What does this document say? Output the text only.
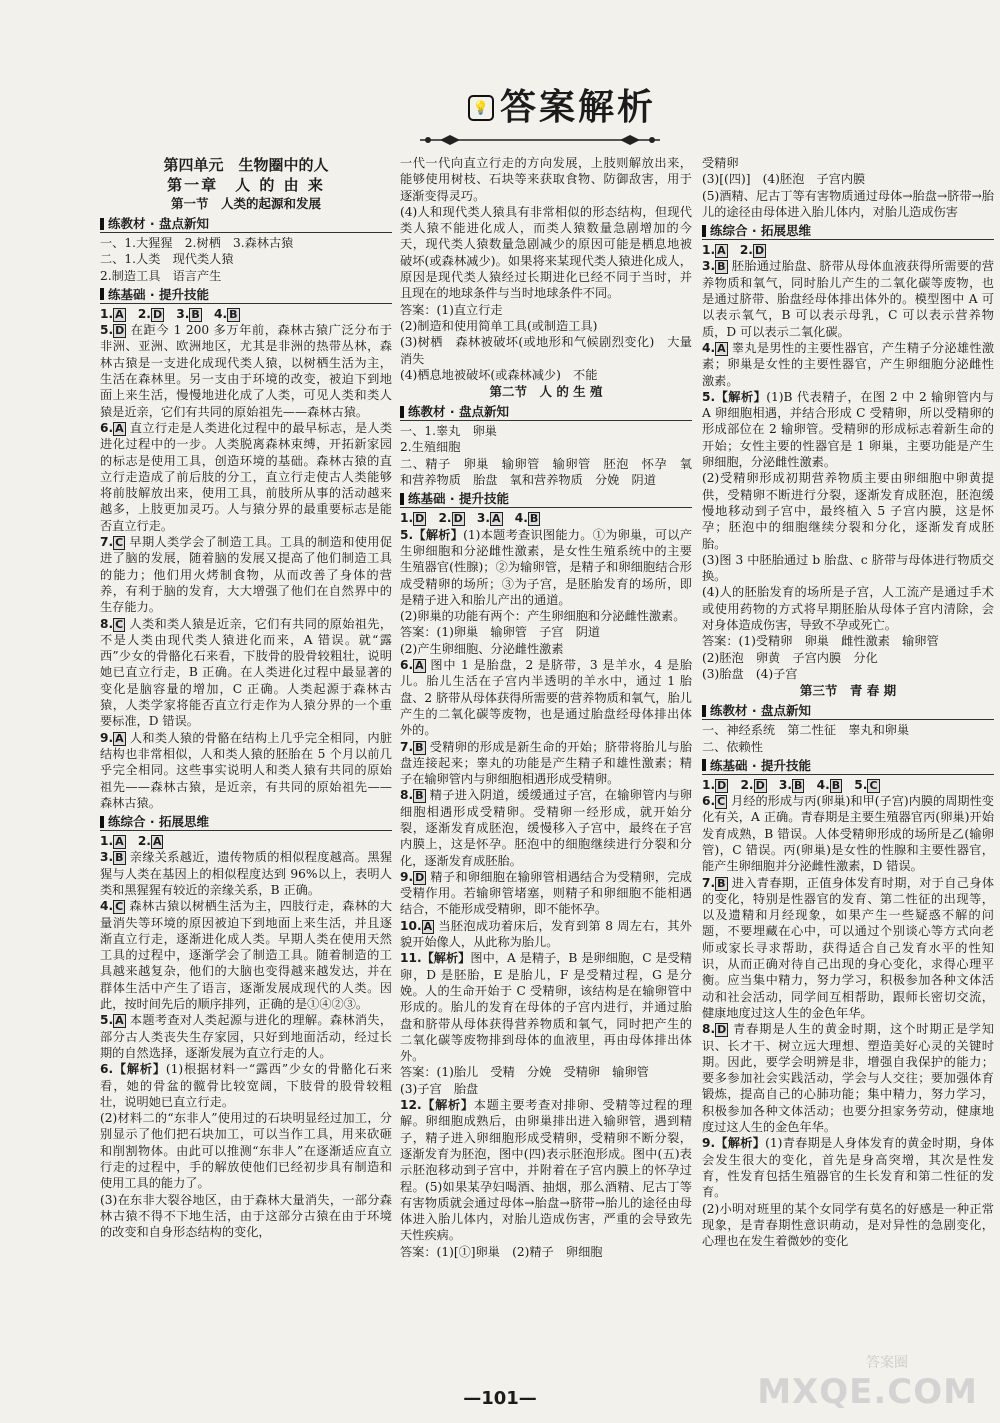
💡 答案解析
第四单元　生物圈中的人
第一章　人 的 由 来
第一节　人类的起源和发展
练教材 · 盘点新知

一、1.大猩猩　2.树栖　3.森林古猿

二、1.人类　现代类人猿

2.制造工具　语言产生

练基础 · 提升技能

1. A　2. D　3. B　4. B

5. D 在距今 1 200 多万年前，森林古猿广泛分布于非洲、亚洲、欧洲地区，尤其是非洲的热带丛林，森林古猿是一支进化成现代类人猿，以树栖生活为主，生活在森林里。另一支由于环境的改变，被迫下到地面上来生活，慢慢地进化成了人类，可见人类和类人猿是近亲，它们有共同的原始祖先——森林古猿。

6. A 直立行走是人类进化过程中的最早标志，是人类进化过程中的一步。人类脱离森林束缚，开拓新家园的标志是使用工具，创造环境的基础。森林古猿的直立行走造成了前后肢的分工，直立行走使古人类能够将前肢解放出来，使用工具，前肢所从事的活动越来越多，上肢更加灵巧。人与猿分界的最重要标志是能否直立行走。

7. C 早期人类学会了制造工具。工具的制造和使用促进了脑的发展，随着脑的发展又提高了他们制造工具的能力；他们用火烤制食物，从而改善了身体的营养，有利于脑的发育，大大增强了他们在自然界中的生存能力。

8. C 人类和类人猿是近亲，它们有共同的原始祖先，不是人类由现代类人猿进化而来，A 错误。就“露西”少女的骨骼化石来看，下肢骨的股骨较粗壮，说明她已直立行走，B 正确。在人类进化过程中最显著的变化是脑容量的增加，C 正确。人类起源于森林古猿，人类学家将能否直立行走作为人猿分界的一个重要标准，D 错误。

9. A 人和类人猿的骨骼在结构上几乎完全相同，内脏结构也非常相似，人和类人猿的胚胎在 5 个月以前几乎完全相同。这些事实说明人和类人猿有共同的原始祖先——森林古猿，是近亲，有共同的原始祖先——森林古猿。

练综合 · 拓展思维

1. A　2. A

3. B 亲缘关系越近，遗传物质的相似程度越高。黑猩猩与人类在基因上的相似程度达到 96%以上，表明人类和黑猩猩有较近的亲缘关系，B 正确。

4. C 森林古猿以树栖生活为主，四肢行走，森林的大量消失等环境的原因被迫下到地面上来生活，并且逐渐直立行走，逐渐进化成人类。早期人类在使用天然工具的过程中，逐渐学会了制造工具。随着制造的工具越来越复杂，他们的大脑也变得越来越发达，并在群体生活中产生了语言，逐渐发展成现代的人类。因此，按时间先后的顺序排列，正确的是①④②③。

5. A 本题考查对人类起源与进化的理解。森林消失，部分古人类丧失生存家园，只好到地面活动，经过长期的自然选择，逐渐发展为直立行走的人。

6.【解析】(1)根据材料一“露西”少女的骨骼化石来看，她的骨盆的髋骨比较宽阔，下肢骨的股骨较粗壮，说明她已直立行走。

(2)材料二的“东非人”使用过的石块明显经过加工，分别显示了他们把石块加工，可以当作工具，用来砍砸和削割物体。由此可以推测“东非人”在逐渐适应直立行走的过程中，手的解放使他们已经初步具有制造和使用工具的能力了。

(3)在东非大裂谷地区，由于森林大量消失，一部分森林古猿不得不下地生活，由于这部分古猿在由于环境的改变和自身形态结构的变化，

一代一代向直立行走的方向发展，上肢则解放出来，能够使用树枝、石块等来获取食物、防御敌害，用于逐渐变得灵巧。

(4)人和现代类人猿具有非常相似的形态结构，但现代类人猿不能进化成人，而类人猿数量急剧增加的今天，现代类人猿数量急剧减少的原因可能是栖息地被破坏(或森林减少)。如果将来某现代类人猿进化成人，原因是现代类人猿经过长期进化已经不同于当时，并且现在的地球条件与当时地球条件不同。

答案：(1)直立行走

(2)制造和使用简单工具(或制造工具)

(3)树栖　森林被破坏(或地形和气候剧烈变化)　大量消失

(4)栖息地被破坏(或森林减少)　不能

第二节　人 的 生 殖
练教材 · 盘点新知

一、1.睾丸　卵巢

2.生殖细胞

二、精子　卵巢　输卵管　输卵管　胚泡　怀孕　氧和营养物质　胎盘　氧和营养物质　分娩　阴道

练基础 · 提升技能

1. D　2. D　3. A　4. B

5.【解析】(1)本题考查识图能力。①为卵巢，可以产生卵细胞和分泌雌性激素，是女性生殖系统中的主要生殖器官(性腺)；②为输卵管，是精子和卵细胞结合形成受精卵的场所；③为子宫，是胚胎发育的场所，即是精子进入和胎儿产出的通道。

(2)卵巢的功能有两个：产生卵细胞和分泌雌性激素。

答案：(1)卵巢　输卵管　子宫　阴道

(2)产生卵细胞、分泌雌性激素

6. A 图中 1 是胎盘，2 是脐带，3 是羊水，4 是胎儿。胎儿生活在子宫内半透明的羊水中，通过 1 胎盘、2 脐带从母体获得所需要的营养物质和氧气，胎儿产生的二氧化碳等废物，也是通过胎盘经母体排出体外的。

7. B 受精卵的形成是新生命的开始；脐带将胎儿与胎盘连接起来；睾丸的功能是产生精子和雄性激素；精子在输卵管内与卵细胞相遇形成受精卵。

8. B 精子进入阴道，缓缓通过子宫，在输卵管内与卵细胞相遇形成受精卵。受精卵一经形成，就开始分裂，逐渐发育成胚泡，缓慢移入子宫中，最终在子宫内膜上，这是怀孕。胚泡中的细胞继续进行分裂和分化，逐渐发育成胚胎。

9. D 精子和卵细胞在输卵管相遇结合为受精卵，完成受精作用。若输卵管堵塞，则精子和卵细胞不能相遇结合，不能形成受精卵，即不能怀孕。

10. A 当胚泡成功着床后，发育到第 8 周左右，其外貌开始像人，从此称为胎儿。

11.【解析】图中，A 是精子，B 是卵细胞，C 是受精卵，D 是胚胎，E 是胎儿，F 是受精过程，G 是分娩。人的生命开始于 C 受精卵，该结构是在输卵管中形成的。胎儿的发育在母体的子宫内进行，并通过胎盘和脐带从母体获得营养物质和氧气，同时把产生的二氧化碳等废物排到母体的血液里，再由母体排出体外。

答案：(1)胎儿　受精　分娩　受精卵　输卵管

(3)子宫　胎盘

12.【解析】本题主要考查对排卵、受精等过程的理解。卵细胞成熟后，由卵巢排出进入输卵管，遇到精子，精子进入卵细胞形成受精卵，受精卵不断分裂，逐渐发育为胚泡，图中(四)表示胚泡形成。图中(五)表示胚泡移动到子宫中，并附着在子宫内膜上的怀孕过程。(5)如果某孕妇喝酒、抽烟，那么酒精、尼古丁等有害物质就会通过母体→胎盘→脐带→胎儿的途径由母体进入胎儿体内，对胎儿造成伤害，严重的会导致先天性疾病。

答案：(1)[①]卵巢　(2)精子　卵细胞

受精卵

(3)[(四)]　(4)胚泡　子宫内膜

(5)酒精、尼古丁等有害物质通过母体→胎盘→脐带→胎儿的途径由母体进入胎儿体内，对胎儿造成伤害

练综合 · 拓展思维

1. A　2. D

3. B 胚胎通过胎盘、脐带从母体血液获得所需要的营养物质和氧气，同时胎儿产生的二氧化碳等废物，也是通过脐带、胎盘经母体排出体外的。模型图中 A 可以表示氧气，B 可以表示母乳，C 可以表示营养物质，D 可以表示二氧化碳。

4. A 睾丸是男性的主要性器官，产生精子分泌雄性激素；卵巢是女性的主要性器官，产生卵细胞分泌雌性激素。

5.【解析】(1)B 代表精子，在图 2 中 2 输卵管内与 A 卵细胞相遇，并结合形成 C 受精卵，所以受精卵的形成部位在 2 输卵管。受精卵的形成标志着新生命的开始；女性主要的性器官是 1 卵巢，主要功能是产生卵细胞，分泌雌性激素。

(2)受精卵形成初期营养物质主要由卵细胞中卵黄提供，受精卵不断进行分裂，逐渐发育成胚泡，胚泡缓慢地移动到子宫中，最终植入 5 子宫内膜，这是怀孕；胚泡中的细胞继续分裂和分化，逐渐发育成胚胎。

(3)图 3 中胚胎通过 b 胎盘、c 脐带与母体进行物质交换。

(4)人的胚胎发育的场所是子宫，人工流产是通过手术或使用药物的方式将早期胚胎从母体子宫内清除，会对身体造成伤害，导致不孕或死亡。

答案：(1)受精卵　卵巢　雌性激素　输卵管

(2)胚泡　卵黄　子宫内膜　分化

(3)胎盘　(4)子宫

第三节　青 春 期
练教材 · 盘点新知

一、神经系统　第二性征　睾丸和卵巢

二、依赖性

练基础 · 提升技能

1. D　2. D　3. B　4. B　5. C

6. C 月经的形成与丙(卵巢)和甲(子宫)内膜的周期性变化有关，A 正确。青春期是主要生殖器官丙(卵巢)开始发育成熟，B 错误。人体受精卵形成的场所是乙(输卵管)，C 错误。丙(卵巢)是女性的性腺和主要性器官，能产生卵细胞并分泌雌性激素，D 错误。

7. B 进入青春期，正值身体发育时期，对于自己身体的变化，特别是性器官的发育、第二性征的出现等，以及遗精和月经现象，如果产生一些疑惑不解的问题，不要埋藏在心中，可以通过个别谈心等方式向老师或家长寻求帮助，获得适合自己发育水平的性知识，从而正确对待自己出现的身心变化，求得心理平衡。应当集中精力，努力学习，积极参加各种文体活动和社会活动，同学间互相帮助，跟师长密切交流，健康地度过这人生的金色年华。

8. D 青春期是人生的黄金时期，这个时期正是学知识、长才干、树立远大理想、塑造美好心灵的关键时期。因此，要学会明辨是非，增强自我保护的能力；要多参加社会实践活动，学会与人交往；要加强体育锻炼，提高自己的心肺功能；集中精力，努力学习，积极参加各种文体活动；也要分担家务劳动，健康地度过这人生的金色年华。

9.【解析】(1)青春期是人身体发育的黄金时期，身体会发生很大的变化，首先是身高突增，其次是性发育，性发育包括生殖器官的生长发育和第二性征的发育。

(2)小明对班里的某个女同学有莫名的好感是一种正常现象，是青春期性意识萌动，是对异性的急剧变化，心理也在发生着微妙的变化

—101—
答案圈
MXQE.COM
